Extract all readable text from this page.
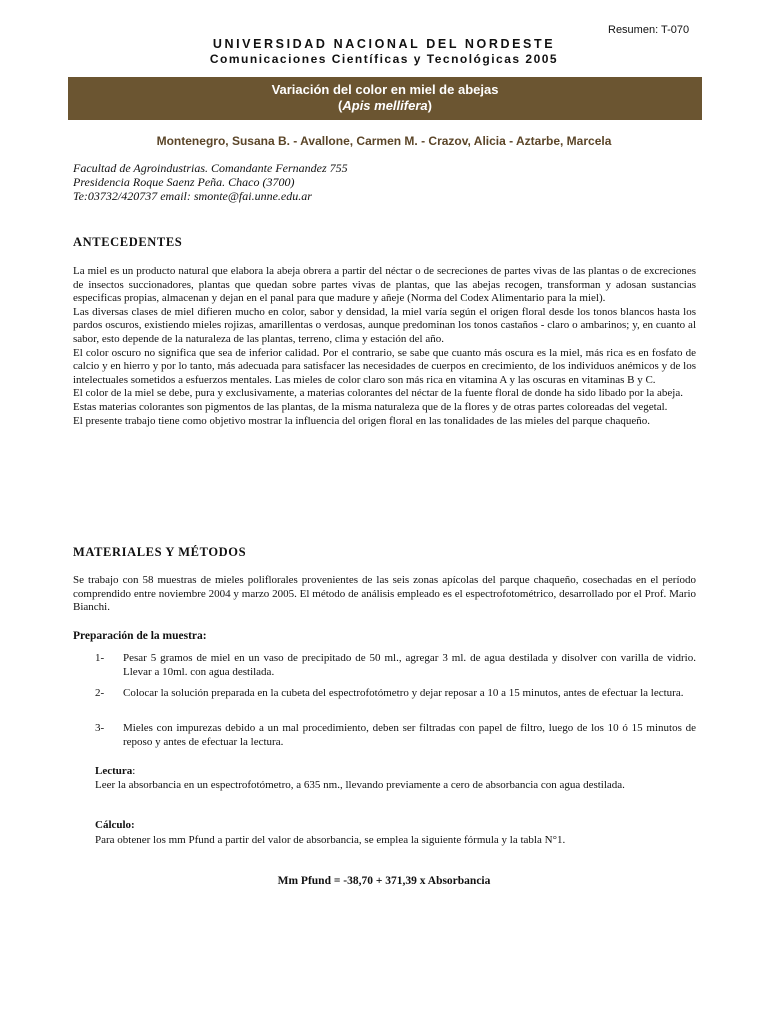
Resumen: T-070
UNIVERSIDAD NACIONAL DEL NORDESTE
Comunicaciones Científicas y Tecnológicas 2005
Variación del color en miel de abejas
(Apis mellifera)
Montenegro, Susana B. - Avallone, Carmen M. - Crazov, Alicia - Aztarbe, Marcela
Facultad de Agroindustrias. Comandante Fernandez 755
Presidencia Roque Saenz Peña. Chaco (3700)
Te:03732/420737 email: smonte@fai.unne.edu.ar
ANTECEDENTES

La miel es un producto natural que elabora la abeja obrera a partir del néctar o de secreciones de partes vivas de las plantas o de excreciones de insectos succionadores, plantas que quedan sobre partes vivas de plantas, que las abejas recogen, transforman y adosan sustancias especificas propias, almacenan y dejan en el panal para que madure y añeje (Norma del Codex Alimentario para la miel).

Las diversas clases de miel difieren mucho en color, sabor y densidad, la miel varía según el origen floral desde los tonos blancos hasta los pardos oscuros, existiendo mieles rojizas, amarillentas o verdosas, aunque predominan los tonos castaños - claro o ambarinos; y, en cuanto al sabor, esto depende de la naturaleza de las plantas, terreno, clima y estación del año.

El color oscuro no significa que sea de inferior calidad. Por el contrario, se sabe que cuanto más oscura es la miel, más rica es en fosfato de calcio y en hierro y por lo tanto, más adecuada para satisfacer las necesidades de cuerpos en crecimiento, de los individuos anémicos y de los intelectuales sometidos a esfuerzos mentales. Las mieles de color claro son más rica en vitamina A y las oscuras en vitaminas B y C.

El color de la miel se debe, pura y exclusivamente, a materias colorantes del néctar de la fuente floral de donde ha sido libado por la abeja.

Estas materias colorantes son pigmentos de las plantas, de la misma naturaleza que de la flores y de otras partes coloreadas del vegetal.

El presente trabajo tiene como objetivo mostrar la influencia del origen floral en las tonalidades de las mieles del parque chaqueño.

MATERIALES Y MÉTODOS
Se trabajo con 58 muestras de mieles poliflorales provenientes de las seis zonas apícolas del parque chaqueño, cosechadas en el período comprendido entre noviembre 2004 y marzo 2005. El método de análisis empleado es el espectrofotométrico, desarrollado por el Prof. Mario Bianchi.
Preparación de la muestra:
1-	Pesar 5 gramos de miel en un vaso de precipitado de 50 ml., agregar 3 ml. de agua destilada y disolver con varilla de vidrio. Llevar a 10ml. con agua destilada.
2-	Colocar la solución preparada en la cubeta del espectrofotómetro y dejar reposar a 10 a 15 minutos, antes de efectuar la lectura.
3-	Mieles con impurezas debido a un mal procedimiento, deben ser filtradas con papel de filtro, luego de los 10 ó 15 minutos de reposo y antes de efectuar la lectura.
Lectura:
Leer la absorbancia en un espectrofotómetro, a 635 nm., llevando previamente a cero de absorbancia con agua destilada.
Cálculo:
Para obtener los mm Pfund a partir del valor de absorbancia, se emplea la siguiente fórmula y la tabla N°1.
Mm Pfund = -38,70 + 371,39 x Absorbancia
